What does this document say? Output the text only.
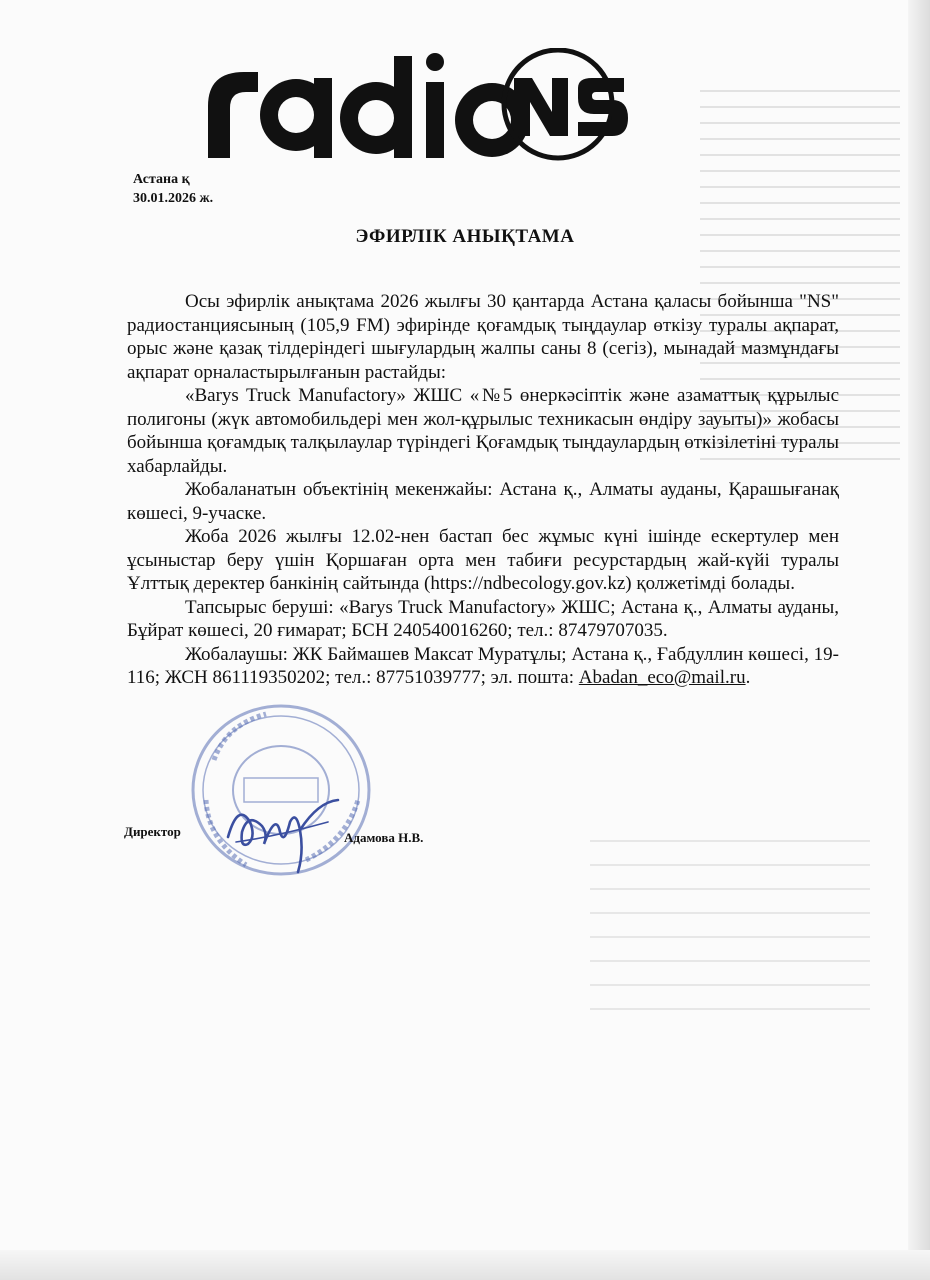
Астана қ
30.01.2026 ж.
ЭФИРЛІК АНЫҚТАМА

Осы эфирлік анықтама 2026 жылғы 30 қантарда Астана қаласы бойынша "NS" радиостанциясының (105,9 FM) эфирінде қоғамдық тыңдаулар өткізу туралы ақпарат, орыс және қазақ тілдеріндегі шығулардың жалпы саны 8 (сегіз), мынадай мазмұндағы ақпарат орналастырылғанын растайды:

«Barys Truck Manufactory» ЖШС «№5 өнеркәсіптік және азаматтық құрылыс полигоны (жүк автомобильдері мен жол-құрылыс техникасын өндіру зауыты)» жобасы бойынша қоғамдық талқылаулар түріндегі Қоғамдық тыңдаулардың өткізілетіні туралы хабарлайды.

Жобаланатын объектінің мекенжайы: Астана қ., Алматы ауданы, Қарашығанақ көшесі, 9-учаске.

Жоба 2026 жылғы 12.02-нен бастап бес жұмыс күні ішінде ескертулер мен ұсыныстар беру үшін Қоршаған орта мен табиғи ресурстардың жай-күйі туралы Ұлттық деректер банкінің сайтында (https://ndbecology.gov.kz) қолжетімді болады.

Тапсырыс беруші: «Barys Truck Manufactory» ЖШС; Астана қ., Алматы ауданы, Бұйрат көшесі, 20 ғимарат; БСН 240540016260; тел.: 87479707035.

Жобалаушы: ЖК Баймашев Максат Муратұлы; Астана қ., Ғабдуллин көшесі, 19-116; ЖСН 861119350202; тел.: 87751039777; эл. пошта: Abadan_eco@mail.ru.

Директор	Адамова Н.В.
